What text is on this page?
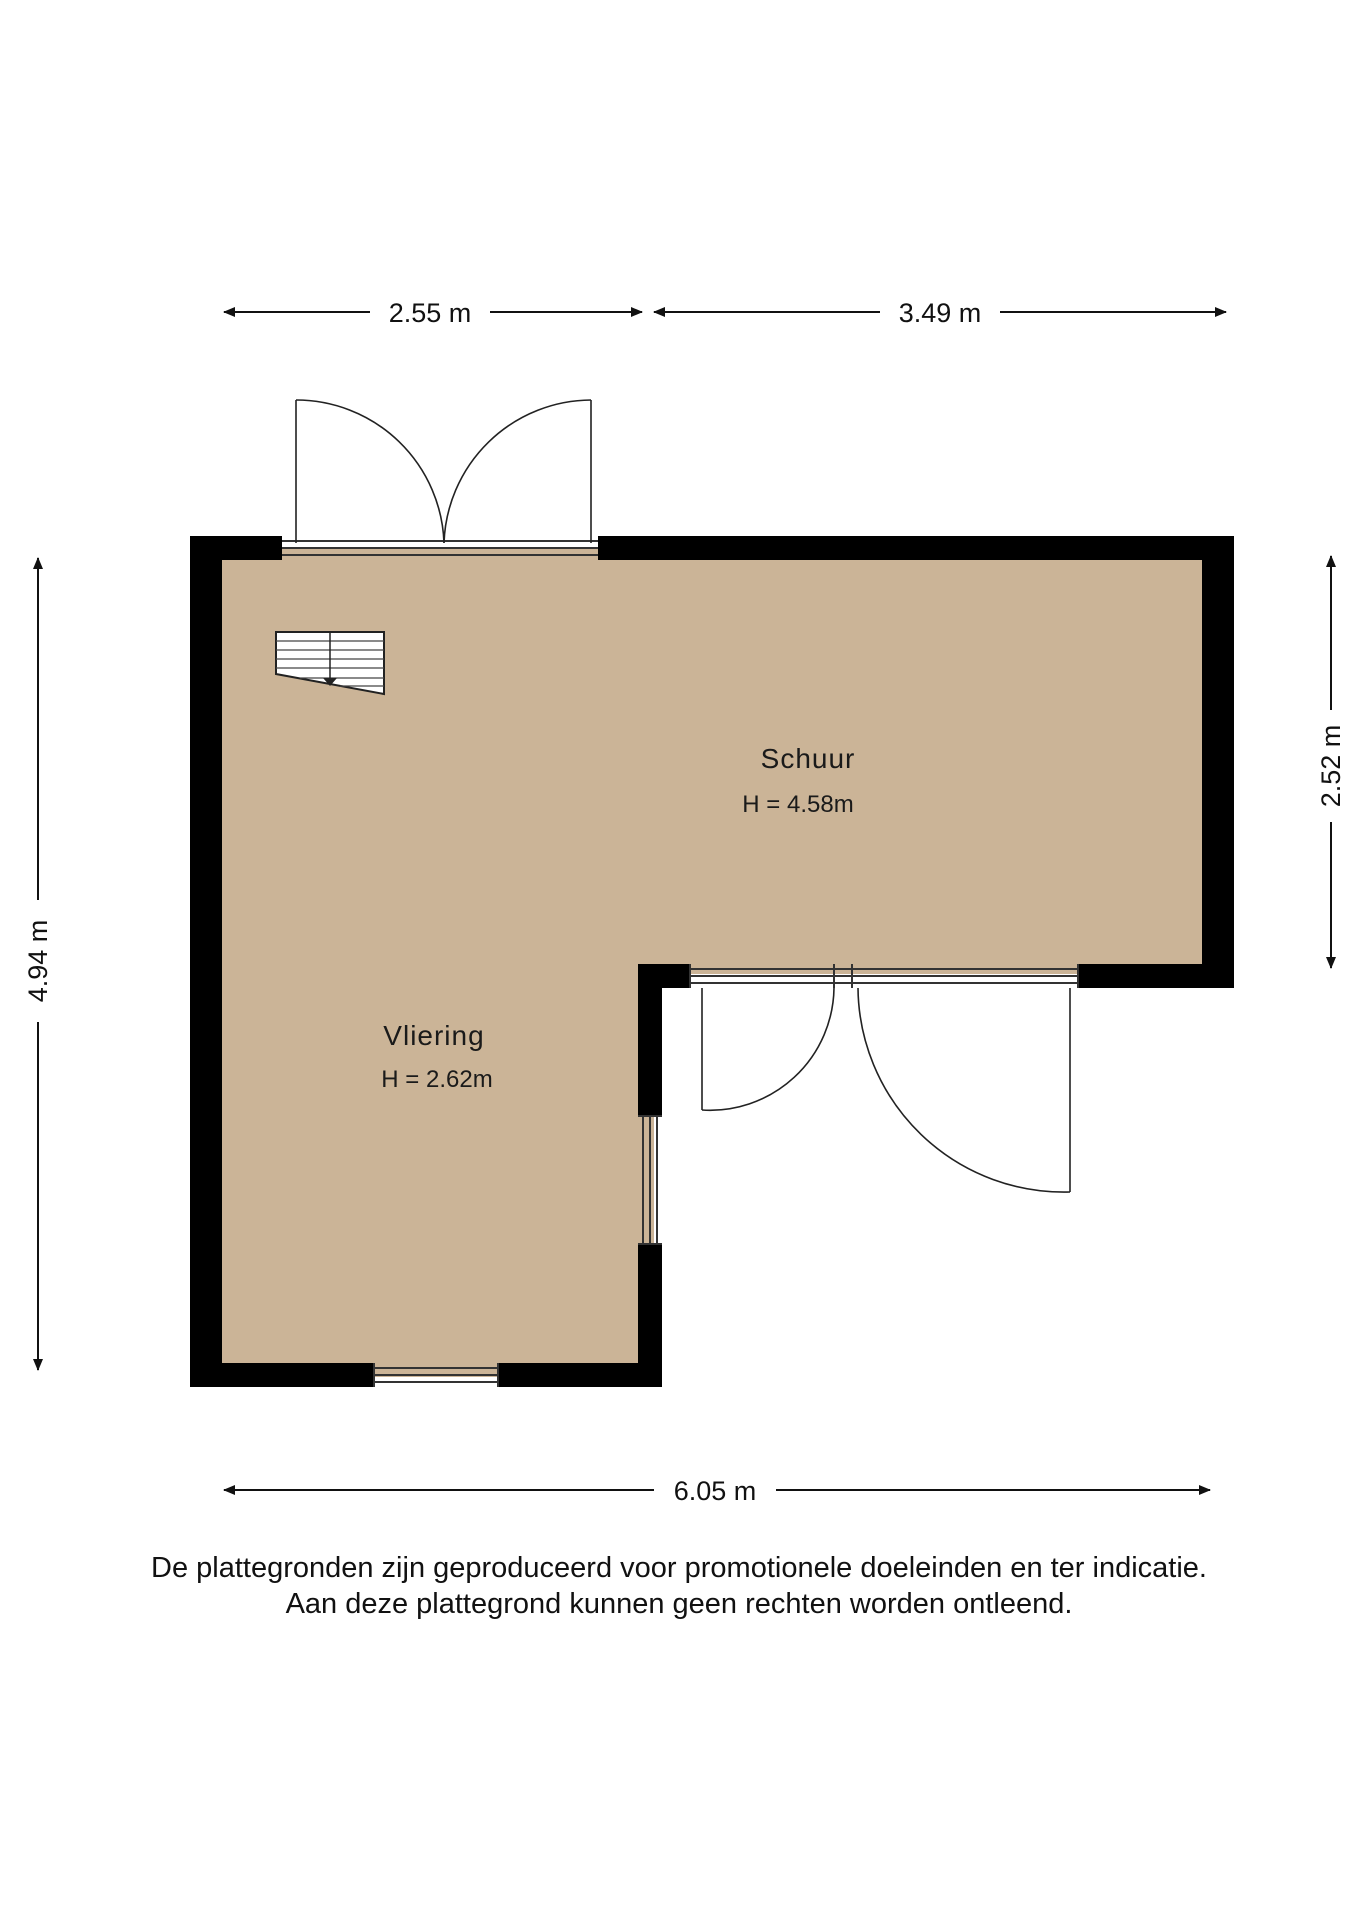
2.55 m	3.49 m
4.94 m
2.52 m
6.05 m
Schuur
H = 4.58m
Vliering
H = 2.62m
De plattegronden zijn geproduceerd voor promotionele doeleinden en ter indicatie.
Aan deze plattegrond kunnen geen rechten worden ontleend.
